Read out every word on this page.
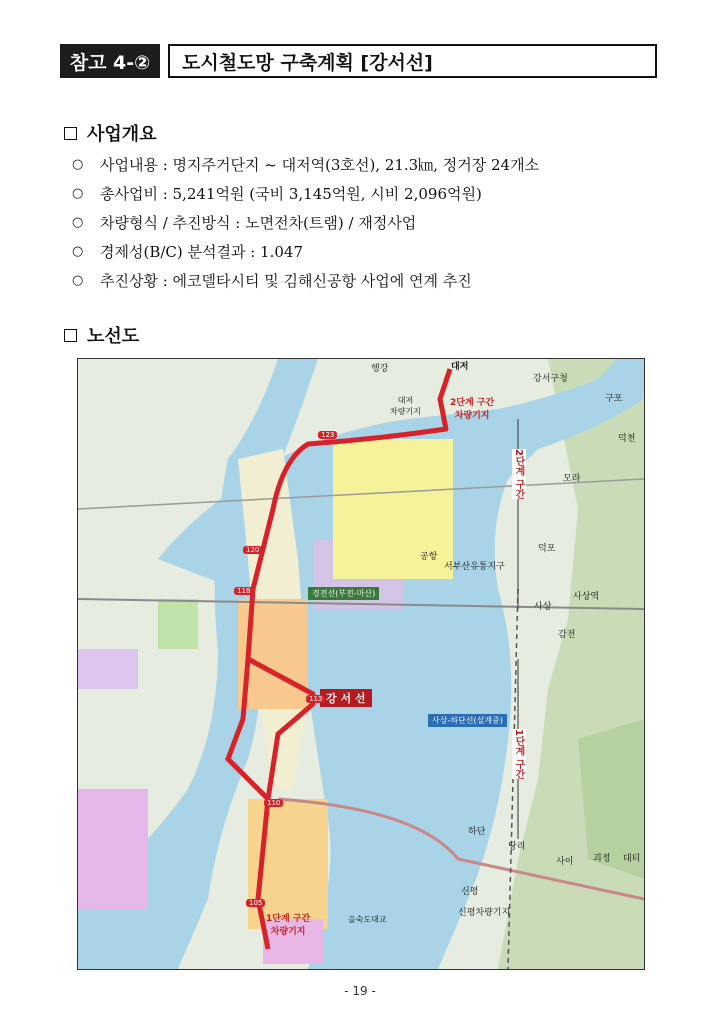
참고 4-②	도시철도망 구축계획 [강서선]
사업개요
○	사업내용 : 명지주거단지 ~ 대저역(3호선), 21.3㎞, 정거장 24개소
○	총사업비 : 5,241억원 (국비 3,145억원, 시비 2,096억원)
○	차량형식 / 추진방식 : 노면전차(트램) / 재정사업
○	경제성(B/C) 분석결과 : 1.047
○	추진상황 : 에코델타시티 및 김해신공항 사업에 연계 추진
노선도
대저
행강
강서구청
구포
덕천
모라
덕포
사상
사상역
감전
하단
당리
사이 괴정 대티
신평
신평차량기지
공항
서부산유통지구
을숙도대교
대저
차량기지
강 서 선
경전선(부전-마산)
사상-하단선(설계중)
2단계 구간
1단계 구간
2단계 구간
차량기지
1단계 구간
차량기지
123
120
118
113
110
105
- 19 -
